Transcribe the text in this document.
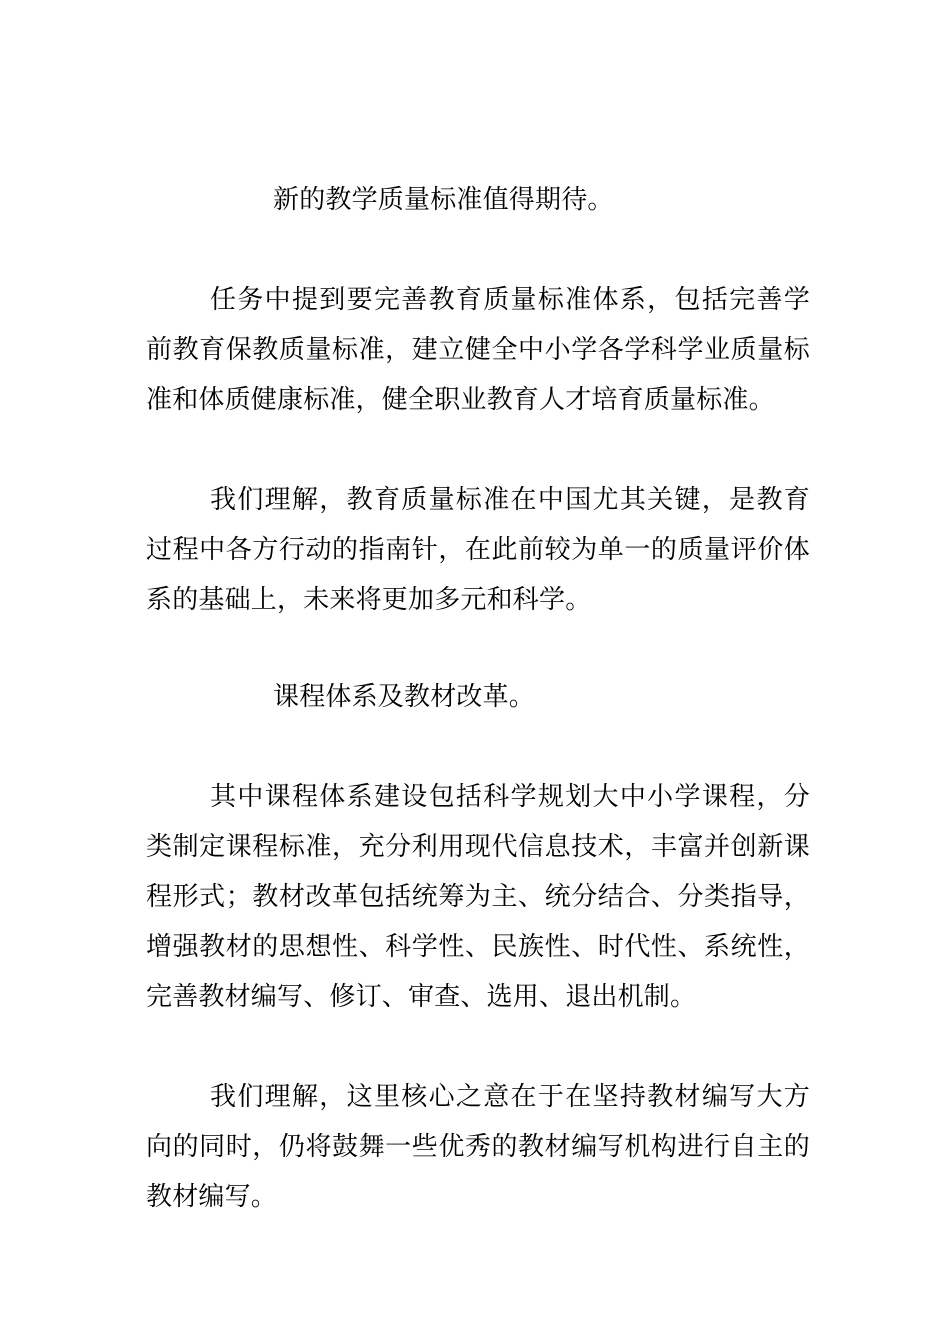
新的教学质量标准值得期待。

任务中提到要完善教育质量标准体系，包括完善学前教育保教质量标准，建立健全中小学各学科学业质量标准和体质健康标准，健全职业教育人才培育质量标准。

我们理解，教育质量标准在中国尤其关键，是教育过程中各方行动的指南针，在此前较为单一的质量评价体系的基础上，未来将更加多元和科学。

课程体系及教材改革。

其中课程体系建设包括科学规划大中小学课程，分类制定课程标准，充分利用现代信息技术，丰富并创新课程形式；教材改革包括统筹为主、统分结合、分类指导，增强教材的思想性、科学性、民族性、时代性、系统性，完善教材编写、修订、审查、选用、退出机制。

我们理解，这里核心之意在于在坚持教材编写大方向的同时，仍将鼓舞一些优秀的教材编写机构进行自主的教材编写。
